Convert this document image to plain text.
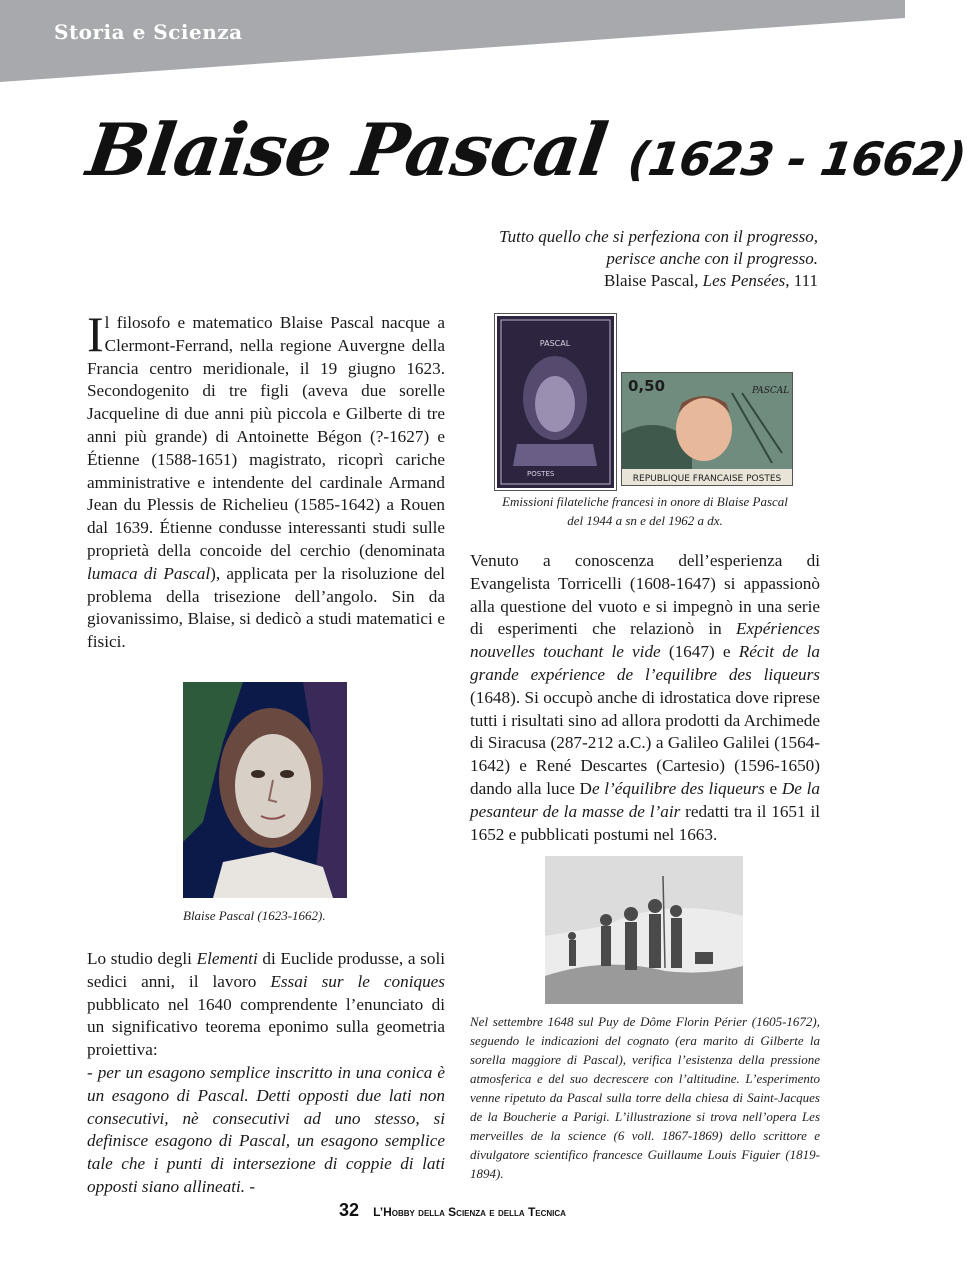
Storia e Scienza
Blaise Pascal (1623 - 1662)
Tutto quello che si perfeziona con il progresso,
perisce anche con il progresso.
Blaise Pascal, Les Pensées, 111
Il filosofo e matematico Blaise Pascal nacque a Clermont-Ferrand, nella regione Auvergne della Francia centro meridionale, il 19 giugno 1623. Secondogenito di tre figli (aveva due sorelle Jacqueline di due anni più piccola e Gilberte di tre anni più grande) di Antoinette Bégon (?-1627) e Étienne (1588-1651) magistrato, ricoprì cariche amministrative e intendente del cardinale Armand Jean du Plessis de Richelieu (1585-1642) a Rouen dal 1639. Étienne condusse interessanti studi sulle proprietà della concoide del cerchio (denominata lumaca di Pascal), applicata per la risoluzione del problema della trisezione dell’angolo. Sin da giovanissimo, Blaise, si dedicò a studi matematici e fisici.
Blaise Pascal (1623-1662).
Lo studio degli Elementi di Euclide produsse, a soli sedici anni, il lavoro Essai sur le coniques pubblicato nel 1640 comprendente l’enunciato di un significativo teorema eponimo sulla geometria proiettiva:
- per un esagono semplice inscritto in una conica è un esagono di Pascal. Detti opposti due lati non consecutivi, nè consecutivi ad uno stesso, si definisce esagono di Pascal, un esagono semplice tale che i punti di intersezione di coppie di lati opposti siano allineati. -
PASCAL
POSTES
0,50	PASCAL
REPUBLIQUE FRANCAISE POSTES
Emissioni filateliche francesi in onore di Blaise Pascal
del 1944 a sn e del 1962 a dx.
Venuto a conoscenza dell’esperienza di Evangelista Torricelli (1608-1647) si appassionò alla questione del vuoto e si impegnò in una serie di esperimenti che relazionò in Expériences nouvelles touchant le vide (1647) e Récit de la grande expérience de l’equilibre des liqueurs (1648). Si occupò anche di idrostatica dove riprese tutti i risultati sino ad allora prodotti da Archimede di Siracusa (287-212 a.C.) a Galileo Galilei (1564-1642) e René Descartes (Cartesio) (1596-1650) dando alla luce De l’équilibre des liqueurs e De la pesanteur de la masse de l’air redatti tra il 1651 il 1652 e pubblicati postumi nel 1663.
Nel settembre 1648 sul Puy de Dôme Florin Périer (1605-1672), seguendo le indicazioni del cognato (era marito di Gilberte la sorella maggiore di Pascal), verifica l’esistenza della pressione atmosferica e del suo decrescere con l’altitudine. L’esperimento venne ripetuto da Pascal sulla torre della chiesa di Saint-Jacques de la Boucherie a Parigi. L’illustrazione si trova nell’opera Les merveilles de la science (6 voll. 1867-1869) dello scrittore e divulgatore scientifico francesce Guillaume Louis Figuier (1819-1894).
32 L’Hobby della Scienza e della Tecnica
